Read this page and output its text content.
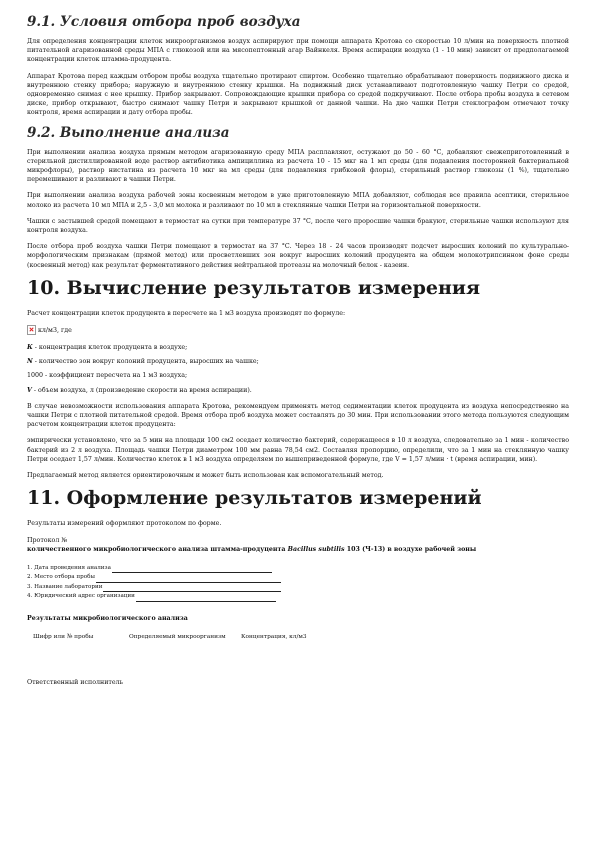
9.1. Условия отбора проб воздуха

Для определения концентрации клеток микроорганизмов воздух аспирируют при помощи аппарата Кротова со скоростью 10 л/мин на поверхность плотной питательной агаризованной среды МПА с глюкозой или на мясопептонный агар Вайнкеля. Время аспирации воздуха (1 - 10 мин) зависит от предполагаемой концентрации клеток штамма-продуцента.

Аппарат Кротова перед каждым отбором пробы воздуха тщательно протирают спиртом. Особенно тщательно обрабатывают поверхность подвижного диска и внутреннюю стенку прибора; наружную и внутреннюю стенку крышки. На подвижный диск устанавливают подготовленную чашку Петри со средой, одновременно снимая с нее крышку. Прибор закрывают. Сопровождающие крышки прибора со средой подкручивают. После отбора пробы воздуха в сетевом диске, прибор открывают, быстро снимают чашку Петри и закрывают крышкой от данной чашки. На дно чашки Петри стеклографом отмечают точку контроля, время аспирации и дату отбора пробы.

9.2. Выполнение анализа

При выполнении анализа воздуха прямым методом агаризованную среду МПА расплавляют, остужают до 50 - 60 °С, добавляют свежеприготовленный в стерильной дистиллированной воде раствор антибиотика ампициллина из расчета 10 - 15 мкг на 1 мл среды (для подавления посторонней бактериальной микрофлоры), раствор нистатина из расчета 10 мкг на мл среды (для подавления грибковой флоры), стерильный раствор глюкозы (1 %), тщательно перемешивают и разливают в чашки Петри.

При выполнении анализа воздуха рабочей зоны косвенным методом в уже приготовленную МПА добавляют, соблюдая все правила асептики, стерильное молоко из расчета 10 мл МПА и 2,5 - 3,0 мл молока и разливают по 10 мл в стеклянные чашки Петри на горизонтальной поверхности.

Чашки с застывшей средой помещают в термостат на сутки при температуре 37 °С, после чего проросшие чашки бракуют, стерильные чашки используют для контроля воздуха.

После отбора проб воздуха чашки Петри помещают в термостат на 37 °С. Через 18 - 24 часов производят подсчет выросших колоний по культурально-морфологическим признакам (прямой метод) или просветлевших зон вокруг выросших колоний продуцента на общем молокотрипсинном фоне среды (косвенный метод) как результат ферментативного действия нейтральной протеазы на молочный белок - казеин.

10. Вычисление результатов измерения

Расчет концентрации клеток продуцента в пересчете на 1 м3 воздуха производят по формуле:

кл/м3, где

К - концентрация клеток продуцента в воздухе;

N - количество зон вокруг колоний продуцента, выросших на чашке;

1000 - коэффициент пересчета на 1 м3 воздуха;

V - объем воздуха, л (произведение скорости на время аспирации).

В случае невозможности использования аппарата Кротова, рекомендуем применять метод седиментации клеток продуцента из воздуха непосредственно на чашки Петри с плотной питательной средой. Время отбора проб воздуха может составлять до 30 мин. При использовании этого метода пользуются следующим расчетом концентрации клеток продуцента:

эмпирически установлено, что за 5 мин на площади 100 см2 оседает количество бактерий, содержащееся в 10 л воздуха, следовательно за 1 мин - количество бактерий из 2 л воздуха. Площадь чашки Петри диаметром 100 мм равна 78,54 см2. Составляя пропорцию, определили, что за 1 мин на стеклянную чашку Петри оседает 1,57 л/мин. Количество клеток в 1 м3 воздуха определяем по вышеприведенной формуле, где V = 1,57 л/мин · t (время аспирации, мин).

Предлагаемый метод является ориентировочным и может быть использован как вспомогательный метод.

11. Оформление результатов измерений

Результаты измерений оформляют протоколом по форме.

Протокол №
количественного микробиологического анализа штамма-продуцента Bacillus subtilis 103 (Ч-13) в воздухе рабочей зоны
1. Дата проведения анализа
2. Место отбора пробы
3. Название лаборатории
4. Юридический адрес организации
Результаты микробиологического анализа
Шифр или № пробы	Определяемый микроорганизм	Концентрация, кл/м3
Ответственный исполнитель
